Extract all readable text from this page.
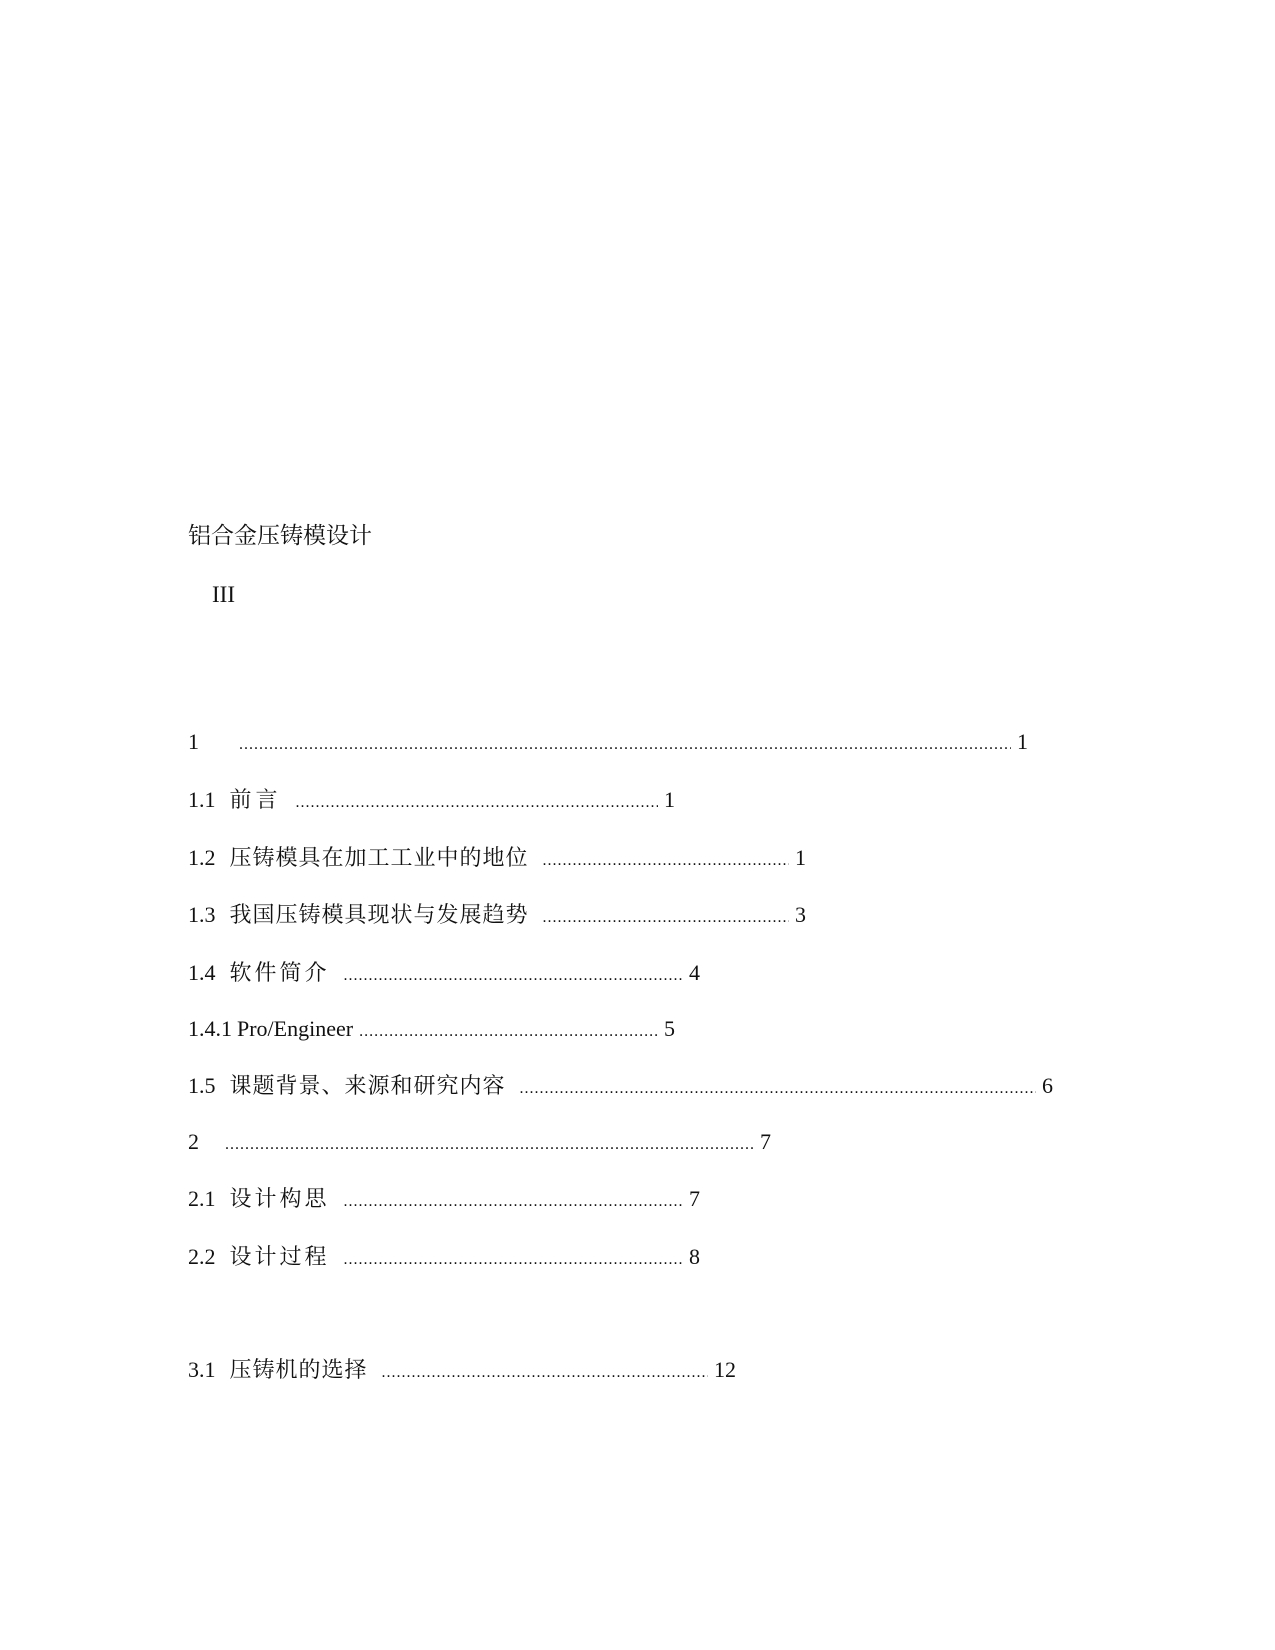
铝合金压铸模设计
III
1 .....	1
1.1 前言 .....	1
1.2 压铸模具在加工工业中的地位 .....	1
1.3 我国压铸模具现状与发展趋势 .....	3
1.4 软件简介 .....	4
1.4.1 Pro/Engineer .....	5
1.5 课题背景、来源和研究内容 .....	6
2 .....	7
2.1 设计构思 .....	7
2.2 设计过程 .....	8
3.1 压铸机的选择 .....	12
